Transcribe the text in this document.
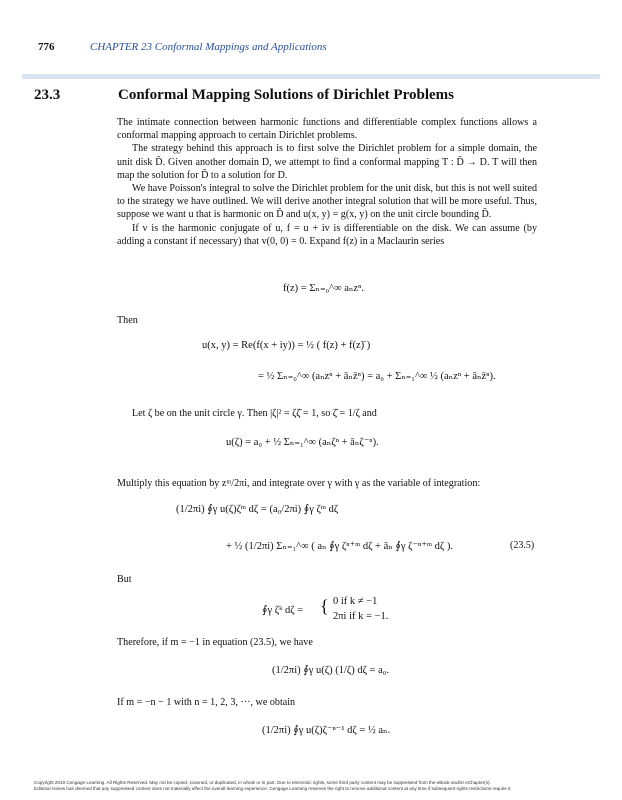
776	CHAPTER 23 Conformal Mappings and Applications
23.3	Conformal Mapping Solutions of Dirichlet Problems

The intimate connection between harmonic functions and differentiable complex functions allows a conformal mapping approach to certain Dirichlet problems.

The strategy behind this approach is to first solve the Dirichlet problem for a simple domain, the unit disk D̃. Given another domain D, we attempt to find a conformal mapping T : D̃ → D. T will then map the solution for D̃ to a solution for D.

We have Poisson's integral to solve the Dirichlet problem for the unit disk, but this is not well suited to the strategy we have outlined. We will derive another integral solution that will be more useful. Thus, suppose we want u that is harmonic on D̃ and u(x, y) = g(x, y) on the unit circle bounding D̃.

If v is the harmonic conjugate of u, f = u + iv is differentiable on the disk. We can assume (by adding a constant if necessary) that v(0, 0) = 0. Expand f(z) in a Maclaurin series

f(z) = Σₙ₌₀^∞ aₙzⁿ.
Then
u(x, y) = Re(f(x + iy)) = ½ ( f(z) + f(z)̄ )
= ½ Σₙ₌₀^∞ (aₙzⁿ + āₙz̄ⁿ) = a₀ + Σₙ₌₁^∞ ½ (aₙzⁿ + āₙz̄ⁿ).
Let ζ be on the unit circle γ. Then |ζ|² = ζζ̄ = 1, so ζ̄ = 1/ζ and
u(ζ) = a₀ + ½ Σₙ₌₁^∞ (aₙζⁿ + āₙζ⁻ⁿ).
Multiply this equation by zᵐ/2πi, and integrate over γ with γ as the variable of integration:
(1/2πi) ∮γ u(ζ)ζᵐ dζ = (a₀/2πi) ∮γ ζᵐ dζ
+ ½ (1/2πi) Σₙ₌₁^∞ ( aₙ ∮γ ζⁿ⁺ᵐ dζ + āₙ ∮γ ζ⁻ⁿ⁺ᵐ dζ ).	(23.5)
But
∮γ ζᵏ dζ = { 0 if k ≠ −1
2πi if k = −1.
Therefore, if m = −1 in equation (23.5), we have
(1/2πi) ∮γ u(ζ) (1/ζ) dζ = a₀.
If m = −n − 1 with n = 1, 2, 3, ···, we obtain
(1/2πi) ∮γ u(ζ)ζ⁻ⁿ⁻¹ dζ = ½ aₙ.
Copyright 2010 Cengage Learning. All Rights Reserved. May not be copied, scanned, or duplicated, in whole or in part. Due to electronic rights, some third party content may be suppressed from the eBook and/or eChapter(s).
Editorial review has deemed that any suppressed content does not materially affect the overall learning experience. Cengage Learning reserves the right to remove additional content at any time if subsequent rights restrictions require it.
